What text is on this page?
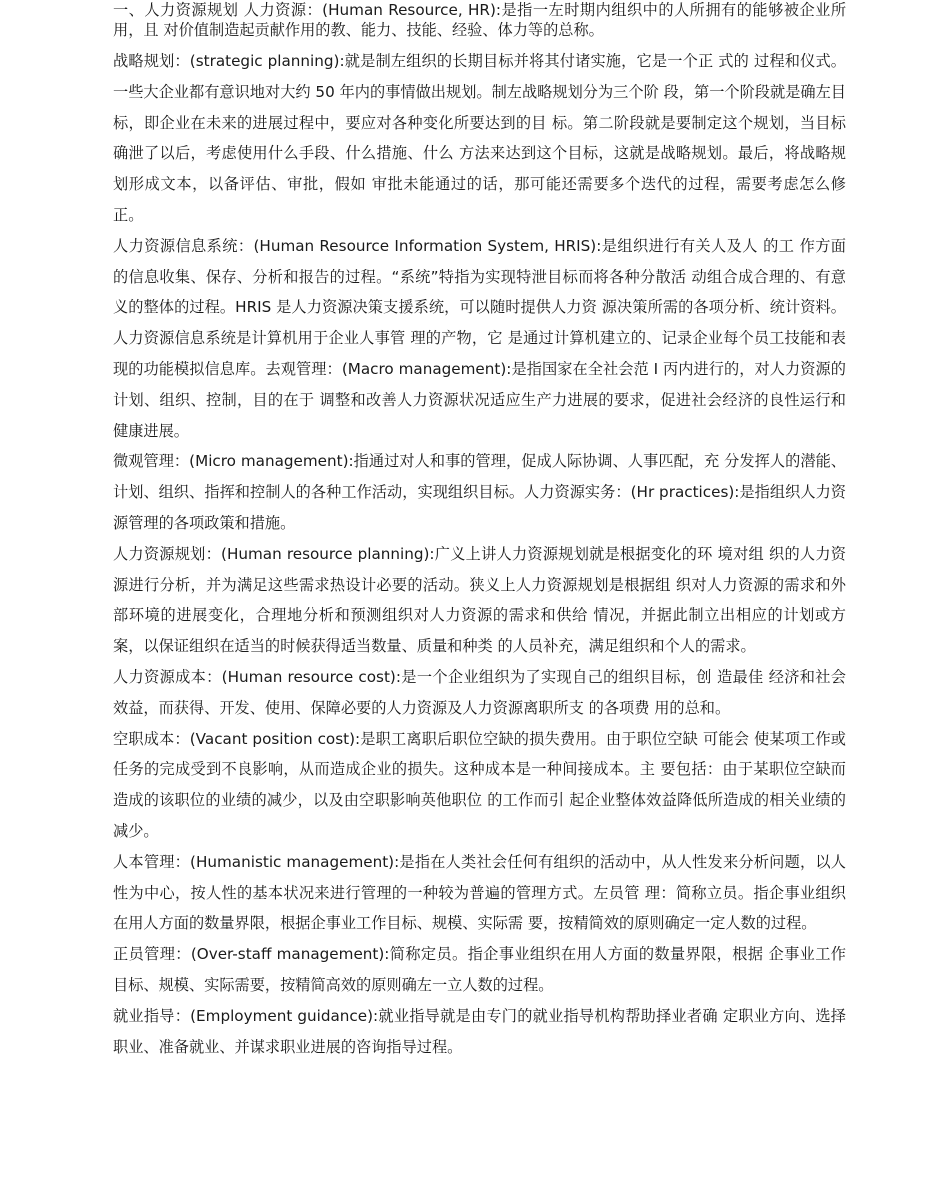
一、人力资源规划 人力资源：(Human Resource, HR):是指一左时期内组织中的人所拥有的能够被企业所用，且 对价值制造起贡献作用的教、能力、技能、经验、体力等的总称。

战略规划：(strategic planning):就是制左组织的长期目标并将其付诸实施，它是一个正 式的 过程和仪式。一些大企业都有意识地对大约 50 年内的事情做出规划。制左战略规划分为三个阶 段，第一个阶段就是确左目标，即企业在未来的进展过程中，要应对各种变化所要达到的目 标。第二阶段就是要制定这个规划，当目标确泄了以后，考虑使用什么手段、什么措施、什么 方法来达到这个目标，这就是战略规划。最后，将战略规划形成文本，以备评估、审批，假如 审批未能通过的话，那可能还需要多个迭代的过程，需要考虑怎么修正。

人力资源信息系统：(Human Resource Information System, HRIS):是组织进行有关人及人 的工 作方面的信息收集、保存、分析和报告的过程。“系统”特指为实现特泄目标而将各种分散活 动组合成合理的、有意义的整体的过程。HRIS 是人力资源决策支援系统，可以随时提供人力资 源决策所需的各项分析、统计资料。人力资源信息系统是计算机用于企业人事管 理的产物，它 是通过计算机建立的、记录企业每个员工技能和表现的功能模拟信息库。去观管理：(Macro management):是指国家在全社会范 I 丙内进行的，对人力资源的计划、组织、控制，目的在于 调整和改善人力资源状况适应生产力进展的要求，促进社会经济的良性运行和健康进展。

微观管理：(Micro management):指通过对人和事的管理，促成人际协调、人事匹配，充 分发挥人的潜能、计划、组织、指挥和控制人的各种工作活动，实现组织目标。人力资源实务：(Hr practices):是指组织人力资源管理的各项政策和措施。

人力资源规划：(Human resource planning):广义上讲人力资源规划就是根据变化的环 境对组 织的人力资源进行分析，并为满足这些需求热设计必要的活动。狭义上人力资源规划是根据组 织对人力资源的需求和外部环境的进展变化，合理地分析和预测组织对人力资源的需求和供给 情况，并据此制立出相应的计划或方案，以保证组织在适当的时候获得适当数量、质量和种类 的人员补充，满足组织和个人的需求。

人力资源成本：(Human resource cost):是一个企业组织为了实现自己的组织目标，创 造最佳 经济和社会效益，而获得、开发、使用、保障必要的人力资源及人力资源离职所支 的各项费 用的总和。

空职成本：(Vacant position cost):是职工离职后职位空缺的损失费用。由于职位空缺 可能会 使某项工作或任务的完成受到不良影响，从而造成企业的损失。这种成本是一种间接成本。主 要包括：由于某职位空缺而造成的该职位的业绩的减少，以及由空职影响英他职位 的工作而引 起企业整体效益降低所造成的相关业绩的减少。

人本管理：(Humanistic management):是指在人类社会任何有组织的活动中，从人性发来分析问题，以人性为中心，按人性的基本状况来进行管理的一种较为普遍的管理方式。左员管 理：简称立员。指企事业组织在用人方面的数量界限，根据企事业工作目标、规模、实际需 要，按精简效的原则确定一定人数的过程。

正员管理：(Over-staff management):简称定员。指企事业组织在用人方面的数量界限，根据 企事业工作目标、规模、实际需要，按精简高效的原则确左一立人数的过程。

就业指导：(Employment guidance):就业指导就是由专门的就业指导机构帮助择业者确 定职业方向、选择职业、准备就业、并谋求职业进展的咨询指导过程。
